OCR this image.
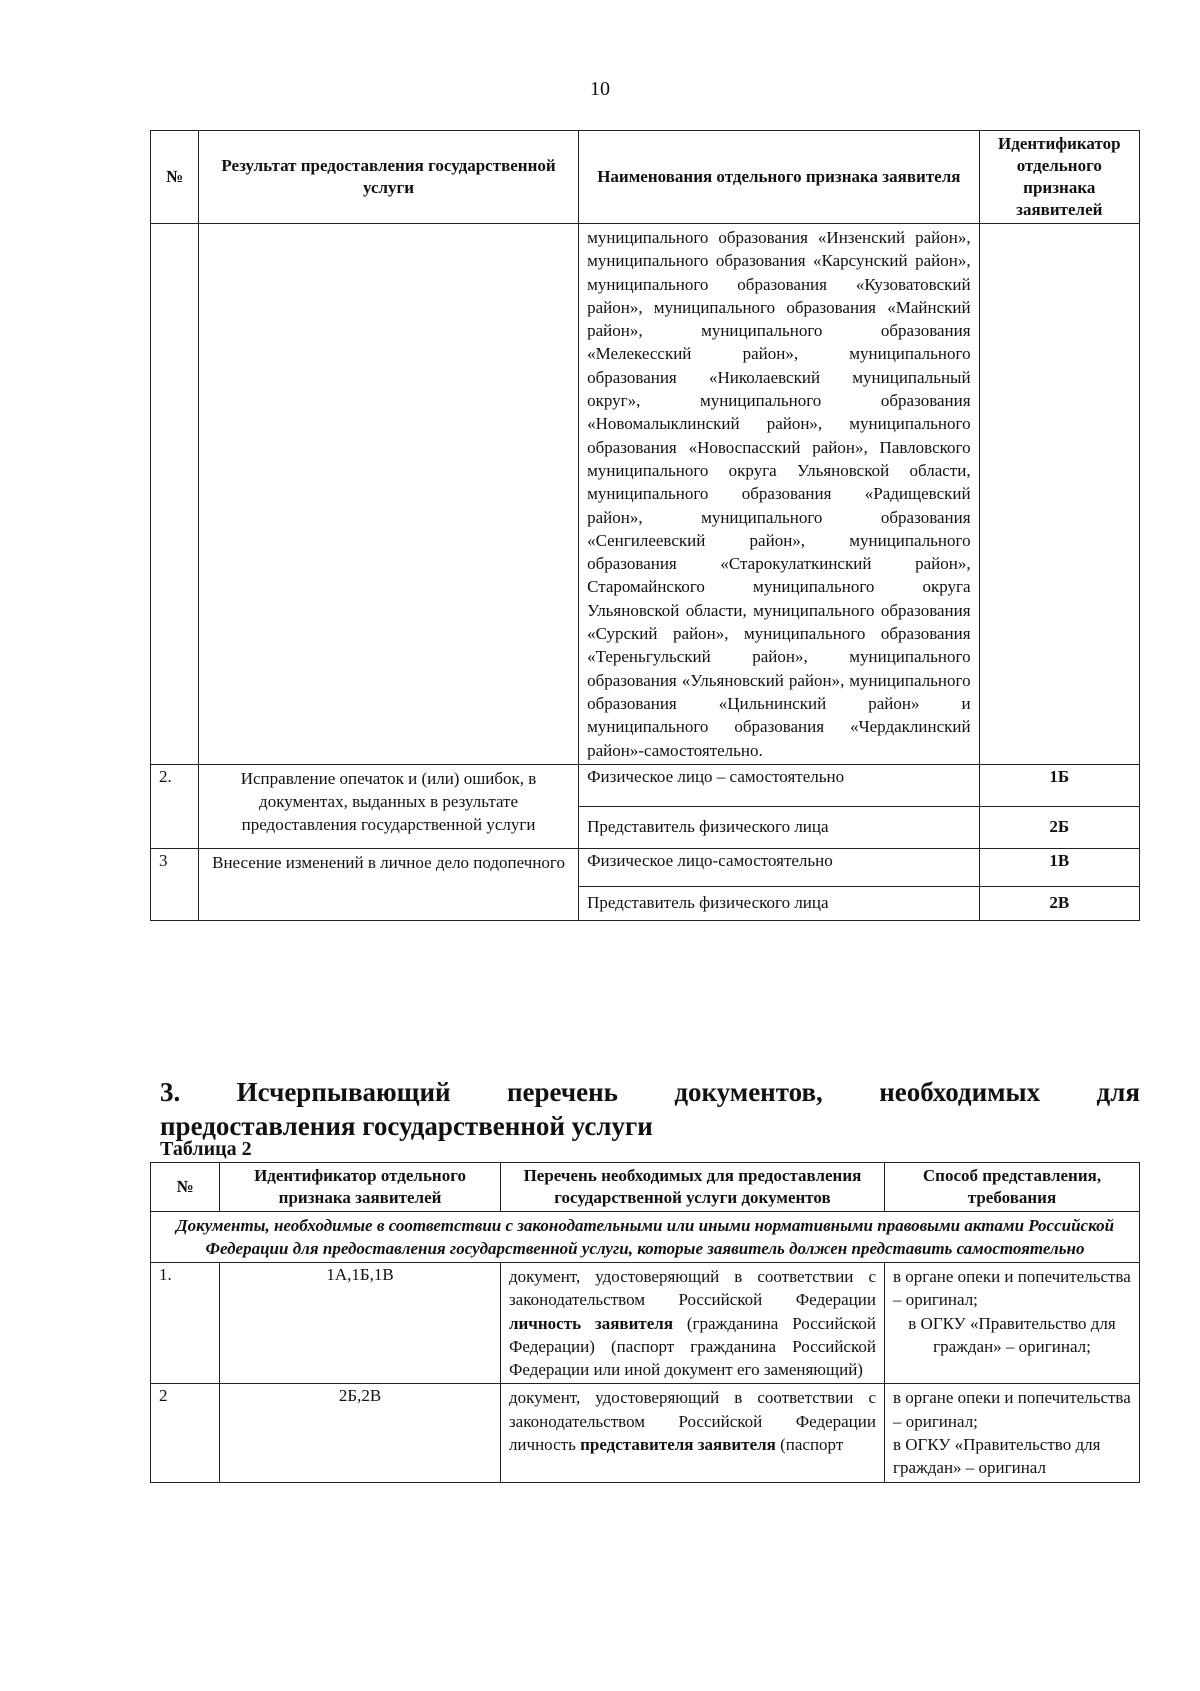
10
№	Результат предоставления государственной услуги	Наименования отдельного признака заявителя	Идентификатор отдельного признака заявителей
		муниципального образования «Инзенский район», муниципального образования «Карсунский район», муниципального образования «Кузоватовский район», муниципального образования «Майнский район», муниципального образования «Мелекесский район», муниципального образования «Николаевский муниципальный округ», муниципального образования «Новомалыклинский район», муниципального образования «Новоспасский район», Павловского муниципального округа Ульяновской области, муниципального образования «Радищевский район», муниципального образования «Сенгилеевский район», муниципального образования «Старокулаткинский район», Старомайнского муниципального округа Ульяновской области, муниципального образования «Сурский район», муниципального образования «Тереньгульский район», муниципального образования «Ульяновский район», муниципального образования «Цильнинский район» и муниципального образования «Чердаклинский район»-самостоятельно.	
2.	Исправление опечаток и (или) ошибок, в документах, выданных в результате предоставления государственной услуги	Физическое лицо – самостоятельно	1Б
		Представитель физического лица	2Б
3	Внесение изменений в личное дело подопечного	Физическое лицо-самостоятельно	1В
		Представитель физического лица	2В
3. Исчерпывающий перечень документов, необходимых для
предоставления государственной услуги
Таблица 2
№	Идентификатор отдельного признака заявителей	Перечень необходимых для предоставления государственной услуги документов	Способ представления, требования
Документы, необходимые в соответствии с законодательными или иными нормативными правовыми актами Российской Федерации для предоставления государственной услуги, которые заявитель должен представить самостоятельно			
1.	1А,1Б,1В	документ, удостоверяющий в соответствии с законодательством Российской Федерации личность заявителя (гражданина Российской Федерации) (паспорт гражданина Российской Федерации или иной документ его заменяющий)	в органе опеки и попечительства – оригинал;
в ОГКУ «Правительство для граждан» – оригинал;

2	2Б,2В	документ, удостоверяющий в соответствии с законодательством Российской Федерации личность представителя заявителя (паспорт	в органе опеки и попечительства – оригинал;
в ОГКУ «Правительство для граждан» – оригинал
